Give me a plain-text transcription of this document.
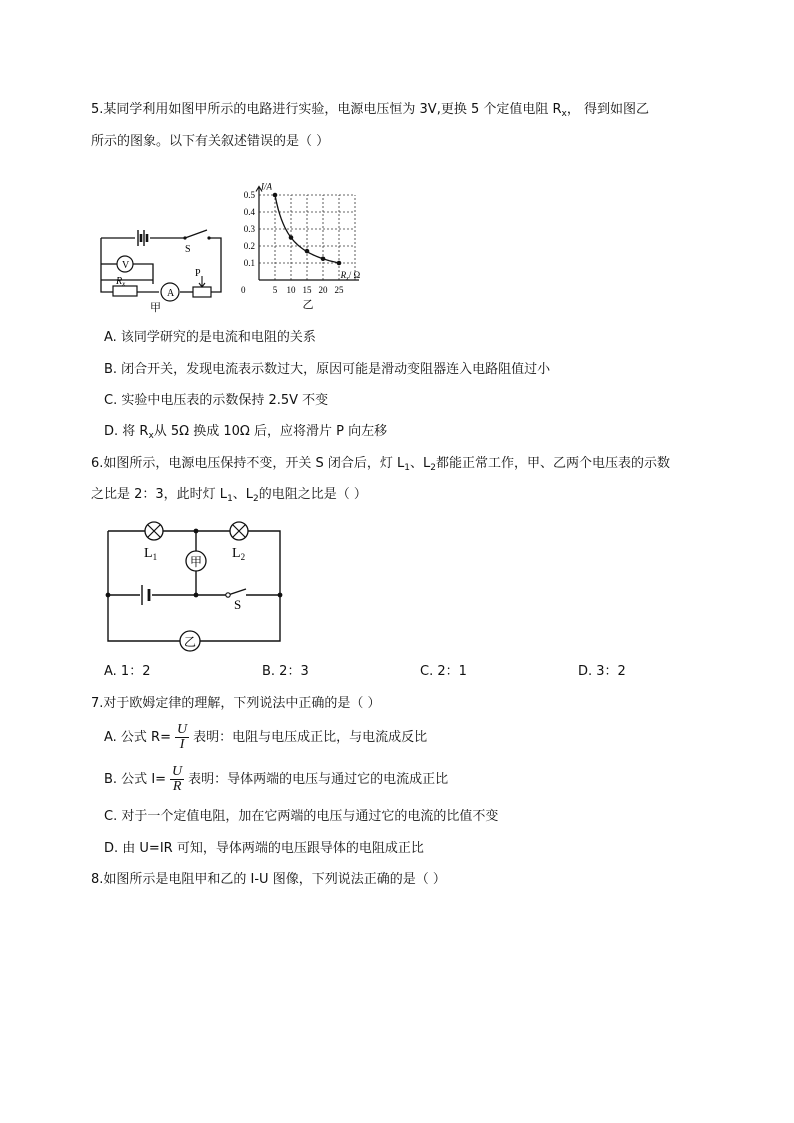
5.某同学利用如图甲所示的电路进行实验，电源电压恒为 3V,更换 5 个定值电阻 $R_x$， 得到如图乙
所示的图象。以下有关叙述错误的是（ ）
S
V
$R_x$
A
P
甲
0.1
0.2
0.3
0.4
0.5
5 10 15 20 25
0
I/A
$R_x/$ Ω
乙
A. 该同学研究的是电流和电阻的关系
B. 闭合开关，发现电流表示数过大，原因可能是滑动变阻器连入电路阻值过小
C. 实验中电压表的示数保持 2.5V 不变
D. 将 $R_x$从 5Ω 换成 10Ω 后，应将滑片 P 向左移
6.如图所示，电源电压保持不变，开关 S 闭合后，灯 $L_1$、$L_2$都能正常工作，甲、乙两个电压表的示数
之比是 2：3，此时灯 $L_1$、$L_2$的电阻之比是（ ）
$L_1$	$L_2$
甲
S
乙
A. 1：2	B. 2：3	C. 2：1	D. 3：2
7.对于欧姆定律的理解，下列说法中正确的是（ ）
A. 公式 $R= \frac{U}{I}$ 表明：电阻与电压成正比，与电流成反比
B. 公式 $I= \frac{U}{R}$ 表明：导体两端的电压与通过它的电流成正比
C. 对于一个定值电阻，加在它两端的电压与通过它的电流的比值不变
D. 由 U=IR 可知，导体两端的电压跟导体的电阻成正比
8.如图所示是电阻甲和乙的 I-U 图像，下列说法正确的是（ ）
